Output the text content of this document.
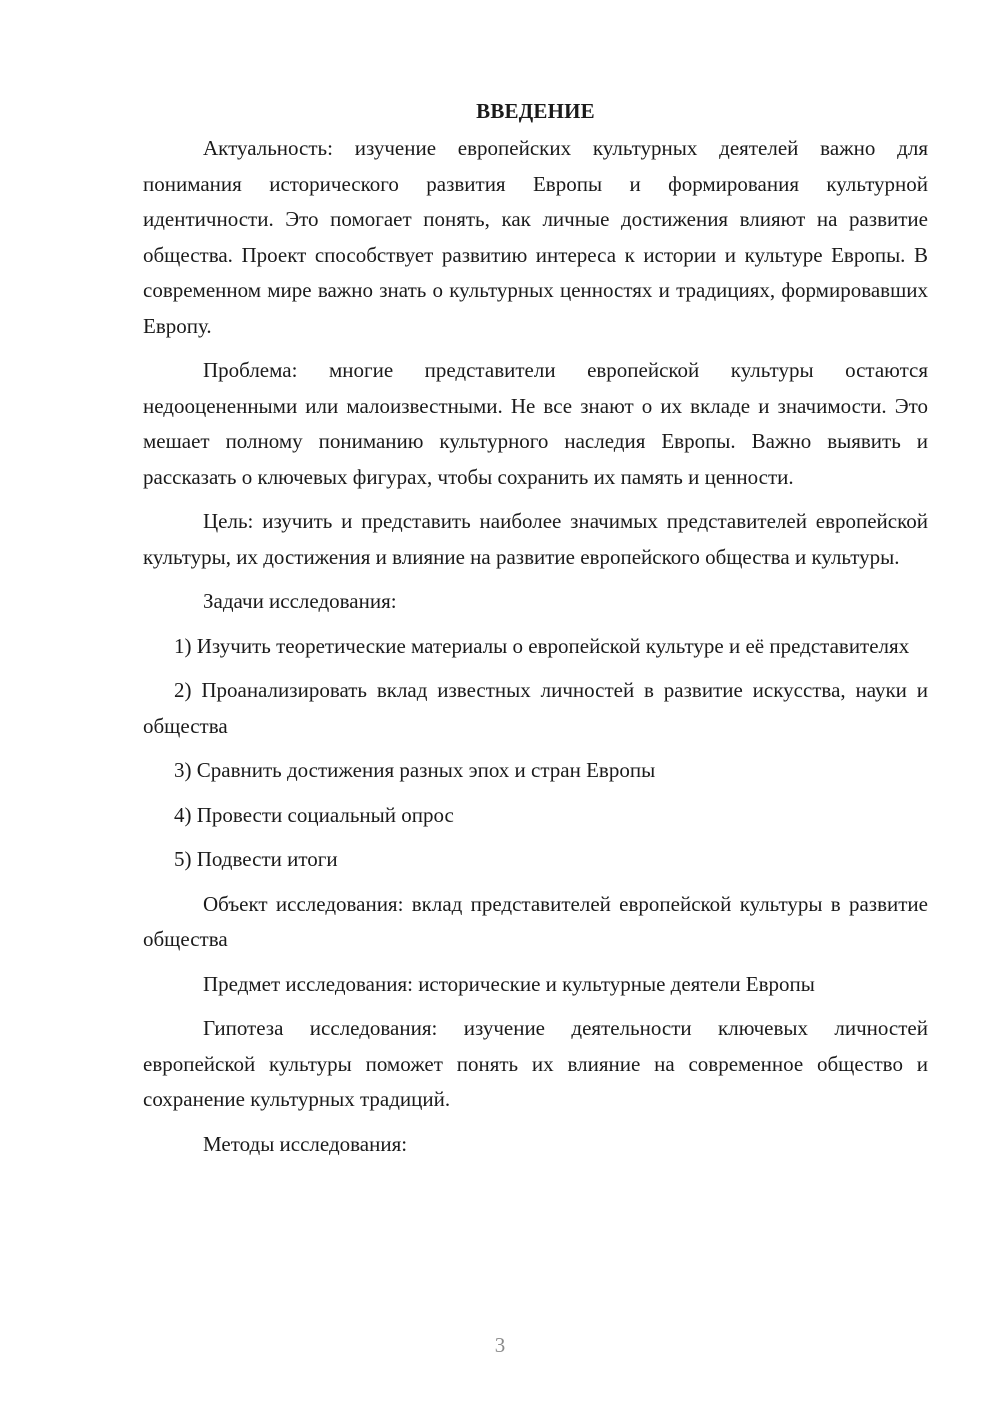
ВВЕДЕНИЕ

Актуальность: изучение европейских культурных деятелей важно для понимания исторического развития Европы и формирования культурной идентичности. Это помогает понять, как личные достижения влияют на развитие общества. Проект способствует развитию интереса к истории и культуре Европы. В современном мире важно знать о культурных ценностях и традициях, формировавших Европу.

Проблема: многие представители европейской культуры остаются недооцененными или малоизвестными. Не все знают о их вкладе и значимости. Это мешает полному пониманию культурного наследия Европы. Важно выявить и рассказать о ключевых фигурах, чтобы сохранить их память и ценности.

Цель: изучить и представить наиболее значимых представителей европейской культуры, их достижения и влияние на развитие европейского общества и культуры.

Задачи исследования:

1) Изучить теоретические материалы о европейской культуре и её представителях

2) Проанализировать вклад известных личностей в развитие искусства, науки и общества

3) Сравнить достижения разных эпох и стран Европы

4) Провести социальный опрос

5) Подвести итоги

Объект исследования: вклад представителей европейской культуры в развитие общества

Предмет исследования: исторические и культурные деятели Европы

Гипотеза исследования: изучение деятельности ключевых личностей европейской культуры поможет понять их влияние на современное общество и сохранение культурных традиций.

Методы исследования:

3
